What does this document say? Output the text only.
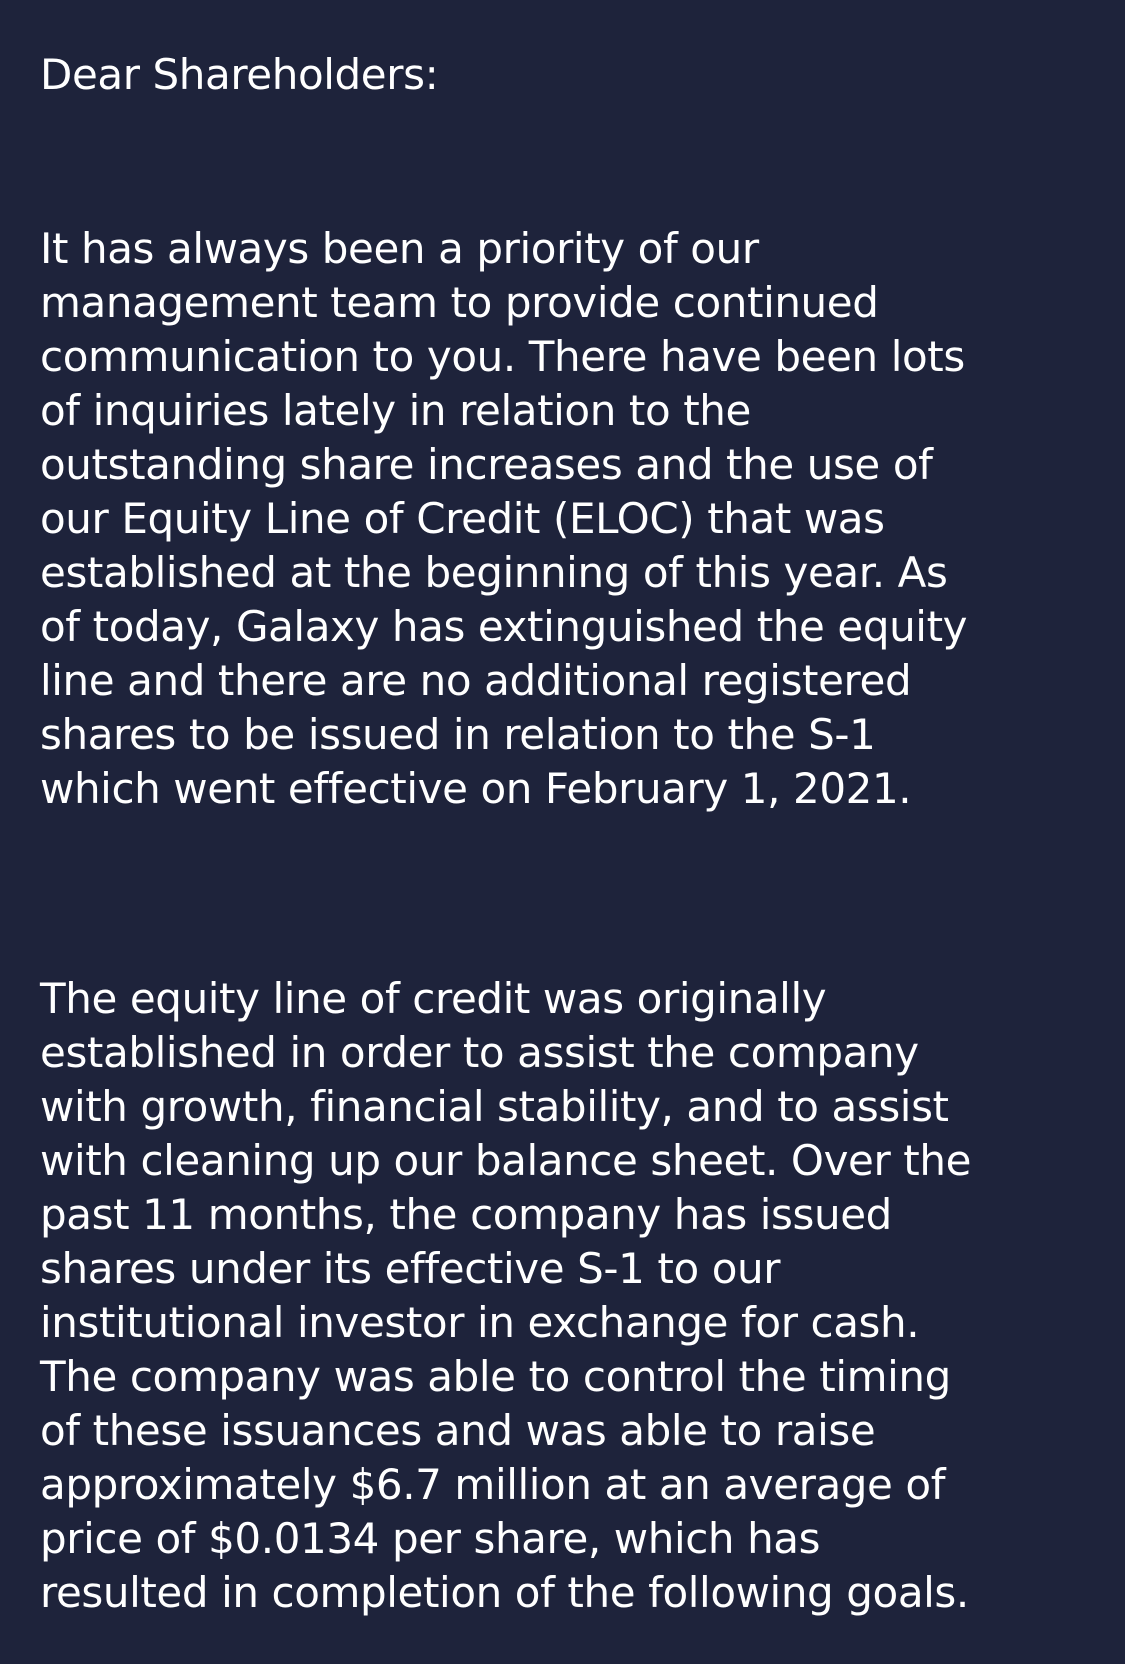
Dear Shareholders:
It has always been a priority of our
management team to provide continued
communication to you. There have been lots
of inquiries lately in relation to the
outstanding share increases and the use of
our Equity Line of Credit (ELOC) that was
established at the beginning of this year. As
of today, Galaxy has extinguished the equity
line and there are no additional registered
shares to be issued in relation to the S-1
which went effective on February 1, 2021.
The equity line of credit was originally
established in order to assist the company
with growth, financial stability, and to assist
with cleaning up our balance sheet. Over the
past 11 months, the company has issued
shares under its effective S-1 to our
institutional investor in exchange for cash.
The company was able to control the timing
of these issuances and was able to raise
approximately $6.7 million at an average of
price of $0.0134 per share, which has
resulted in completion of the following goals.
